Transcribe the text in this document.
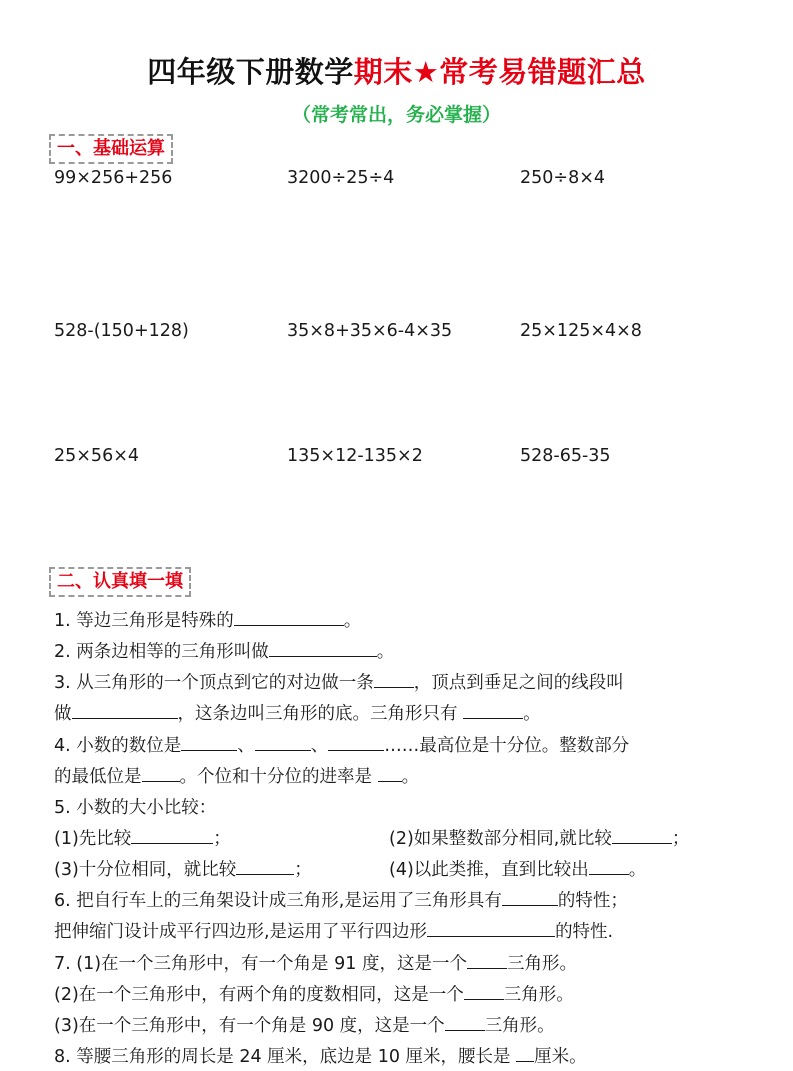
四年级下册数学期末★常考易错题汇总
（常考常出，务必掌握）
一、基础运算
99×256+256	3200÷25÷4	250÷8×4
528-(150+128)	35×8+35×6-4×35	25×125×4×8
25×56×4	135×12-135×2	528-65-35
二、认真填一填
1. 等边三角形是特殊的	。
2. 两条边相等的三角形叫做	。
3. 从三角形的一个顶点到它的对边做一条 ，顶点到垂足之间的线段叫
做	，这条边叫三角形的底。三角形只有	。
4. 小数的数位是	、	、	……最高位是十分位。整数部分
的最低位是 。个位和十分位的进率是 。
5. 小数的大小比较：
(1)先比较	；	(2)如果整数部分相同,就比较	；
(3)十分位相同，就比较	；	(4)以此类推，直到比较出 。
6. 把自行车上的三角架设计成三角形,是运用了三角形具有	的特性；
把伸缩门设计成平行四边形,是运用了平行四边形	的特性.
7. (1)在一个三角形中，有一个角是 91 度，这是一个 三角形。
(2)在一个三角形中，有两个角的度数相同，这是一个 三角形。
(3)在一个三角形中，有一个角是 90 度，这是一个 三角形。
8. 等腰三角形的周长是 24 厘米，底边是 10 厘米，腰长是 厘米。
